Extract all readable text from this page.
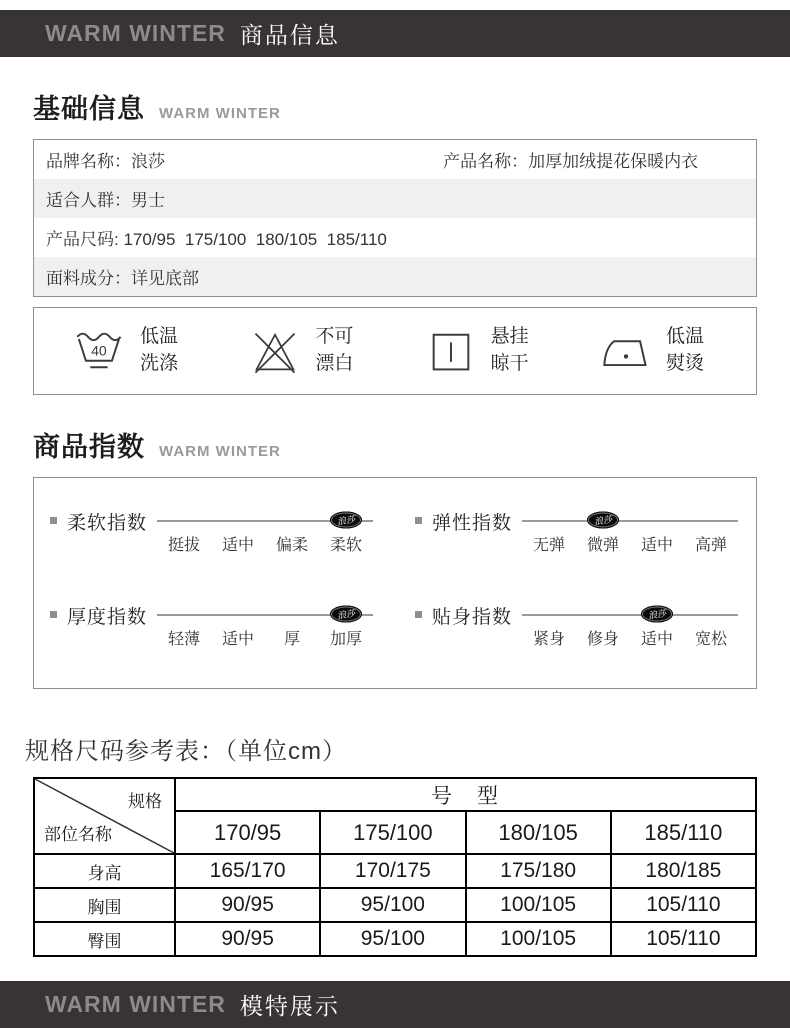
WARM WINTER 商品信息
基础信息 WARM WINTER
品牌名称：浪莎	产品名称：加厚加绒提花保暖内衣
适合人群：男士
产品尺码: 170/95  175/100  180/105  185/110
面料成分：详见底部
40
低温
洗涤
不可
漂白
悬挂
晾干
低温
熨烫
商品指数 WARM WINTER
柔软指数	浪莎
挺拔	适中	偏柔	柔软
弹性指数	浪莎
无弹	微弹	适中	高弹
厚度指数	浪莎
轻薄	适中	厚	加厚
贴身指数	浪莎
紧身	修身	适中	宽松
规格尺码参考表：（单位cm）
规格
部位名称	号　型			
	170/95	175/100	180/105	185/110
身高	165/170	170/175	175/180	180/185
胸围	90/95	95/100	100/105	105/110
臀围	90/95	95/100	100/105	105/110
WARM WINTER 模特展示
